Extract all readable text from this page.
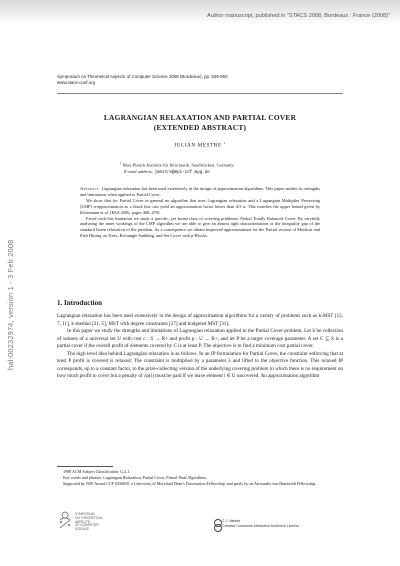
Author manuscript, published in "STACS 2008, Bordeaux : France (2008)"
hal-00232974, version 1 - 3 Feb 2008
Symposium on Theoretical Aspects of Computer Science 2008 (Bordeaux), pp. 539-550
www.stacs-conf.org
LAGRANGIAN RELAXATION AND PARTIAL COVER
(EXTENDED ABSTRACT)
JULIÁN MESTRE $^1$
$^1$ Max-Planck-Institute für Informatik, Saarbrücken, Germany.
E-mail address: jmestre@mpi-inf.mpg.de

Abstract. Lagrangian relaxation has been used extensively in the design of approximation algorithms. This paper studies its strengths and limitations when applied to Partial Cover.

We show that for Partial Cover in general no algorithm that uses Lagrangian relaxation and a Lagrangian Multiplier Preserving (LMP) α-approximation as a black box can yield an approximation factor better than 4/3 α. This matches the upper bound given by Könemann et al. (ESA 2006, pages 468–479).

Faced with this limitation we study a specific, yet broad class of covering problems: Partial Totally Balanced Cover. By carefully analyzing the inner workings of the LMP algorithm we are able to give an almost tight characterization of the integrality gap of the standard linear relaxation of the problem. As a consequence we obtain improved approximations for the Partial version of Multicut and Path Hitting on Trees, Rectangle Stabbing, and Set Cover with ρ-Blocks.

1. Introduction

Lagrangian relaxation has been used extensively in the design of approximation algorithms for a variety of problems such as k-MST [12, 7, 11], k-median [21, 5], MST with degree constraints [27] and budgeted MST [31].

In this paper we study the strengths and limitations of Lagrangian relaxation applied to the Partial Cover problem. Let S be collection of subsets of a universal set U with cost c : S → R+ and profit p : U → R+, and let P be a target coverage parameter. A set C ⊆ S is a partial cover if the overall profit of elements covered by C is at least P. The objective is to find a minimum cost partial cover.

The high level idea behind Lagrangian relaxation is as follows. In an IP formulation for Partial Cover, the constraint enforcing that at least P profit is covered is relaxed: The constraint is multiplied by a parameter λ and lifted to the objective function. This relaxed IP corresponds, up to a constant factor, to the prize-collecting version of the underlying covering problem in which there is no requirement on how much profit to cover but a penalty of λp(i) must be paid if we leave element i ∈ U uncovered. An approximation algorithm

1998 ACM Subject Classification: G.2.1.
Key words and phrases: Lagrangian Relaxation, Partial Cover, Primal-Dual Algorithms.
Supported by NSF Award CCF 0430650, a University of Maryland Dean's Dissertation Fellowship, and partly by an Alexander von Humboldt Fellowship.
SYMPOSIUM
ON THEORETICAL
ASPECTS
OF COMPUTER
SCIENCE
© J. Mestre
Creative Commons Attribution-NoDerivs License
